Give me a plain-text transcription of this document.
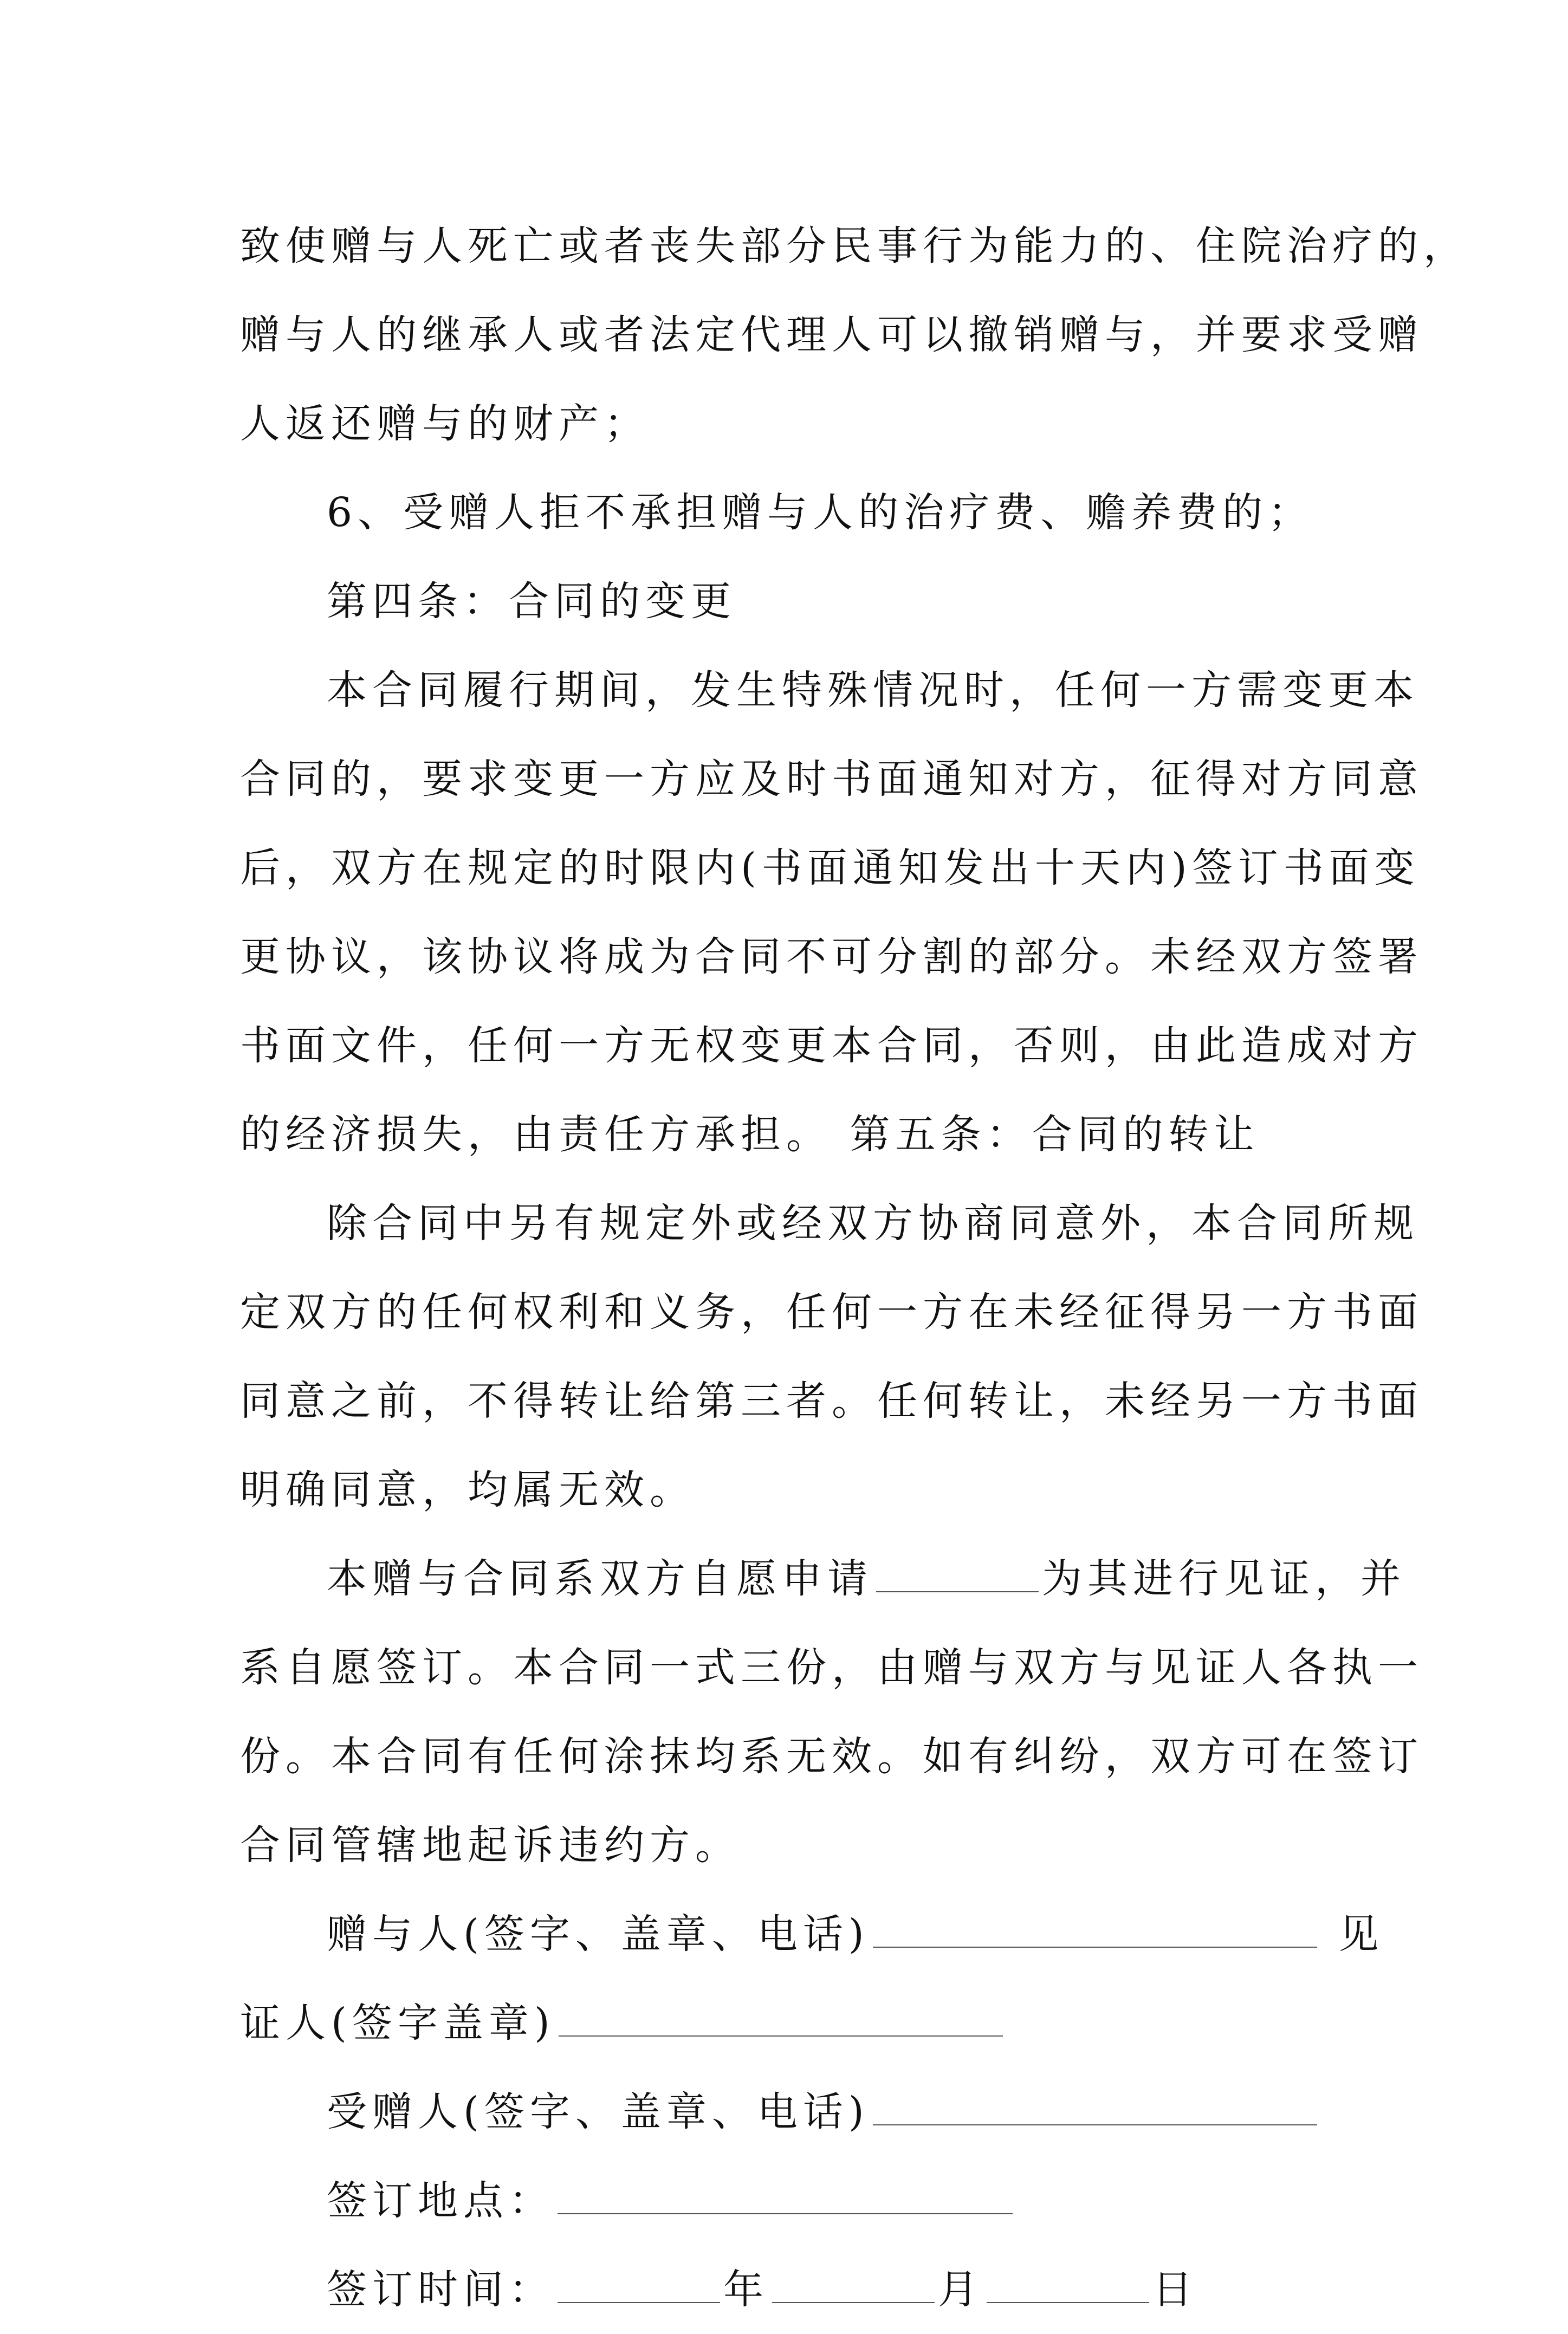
致使赠与人死亡或者丧失部分民事行为能力的、住院治疗的，
赠与人的继承人或者法定代理人可以撤销赠与，并要求受赠
人返还赠与的财产；
6、受赠人拒不承担赠与人的治疗费、赡养费的；
第四条：合同的变更
本合同履行期间，发生特殊情况时，任何一方需变更本
合同的，要求变更一方应及时书面通知对方，征得对方同意
后，双方在规定的时限内(书面通知发出十天内)签订书面变
更协议，该协议将成为合同不可分割的部分。未经双方签署
书面文件，任何一方无权变更本合同，否则，由此造成对方
的经济损失，由责任方承担。 第五条：合同的转让
除合同中另有规定外或经双方协商同意外，本合同所规
定双方的任何权利和义务，任何一方在未经征得另一方书面
同意之前，不得转让给第三者。任何转让，未经另一方书面
明确同意，均属无效。
本赠与合同系双方自愿申请	为其进行见证，并
系自愿签订。本合同一式三份，由赠与双方与见证人各执一
份。本合同有任何涂抹均系无效。如有纠纷，双方可在签订
合同管辖地起诉违约方。
赠与人(签字、盖章、电话)	见
证人(签字盖章)
受赠人(签字、盖章、电话)
签订地点：
签订时间：	年	月	日
